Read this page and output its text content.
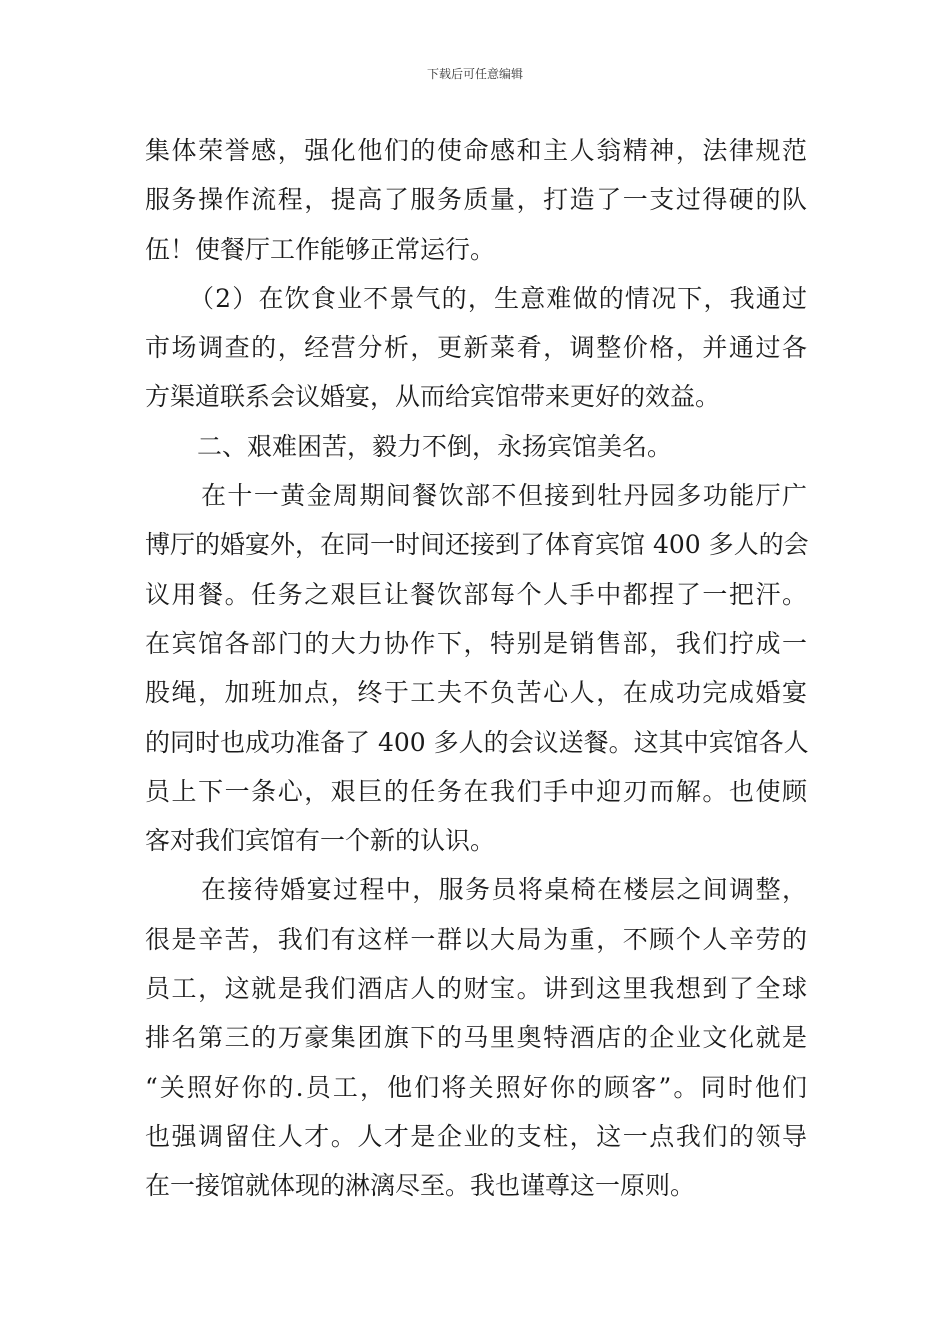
下载后可任意编辑
集体荣誉感，强化他们的使命感和主人翁精神，法律规范
服务操作流程，提高了服务质量，打造了一支过得硬的队
伍！使餐厅工作能够正常运行。
（2）在饮食业不景气的，生意难做的情况下，我通过
市场调查的，经营分析，更新菜肴，调整价格，并通过各
方渠道联系会议婚宴，从而给宾馆带来更好的效益。
二、艰难困苦，毅力不倒，永扬宾馆美名。
在十一黄金周期间餐饮部不但接到牡丹园多功能厅广
博厅的婚宴外，在同一时间还接到了体育宾馆 400 多人的会
议用餐。任务之艰巨让餐饮部每个人手中都捏了一把汗。
在宾馆各部门的大力协作下，特别是销售部，我们拧成一
股绳，加班加点，终于工夫不负苦心人，在成功完成婚宴
的同时也成功准备了 400 多人的会议送餐。这其中宾馆各人
员上下一条心，艰巨的任务在我们手中迎刃而解。也使顾
客对我们宾馆有一个新的认识。
在接待婚宴过程中，服务员将桌椅在楼层之间调整，
很是辛苦，我们有这样一群以大局为重，不顾个人辛劳的
员工，这就是我们酒店人的财宝。讲到这里我想到了全球
排名第三的万豪集团旗下的马里奥特酒店的企业文化就是
“关照好你的.员工，他们将关照好你的顾客”。同时他们
也强调留住人才。人才是企业的支柱，这一点我们的领导
在一接馆就体现的淋漓尽至。我也谨尊这一原则。
